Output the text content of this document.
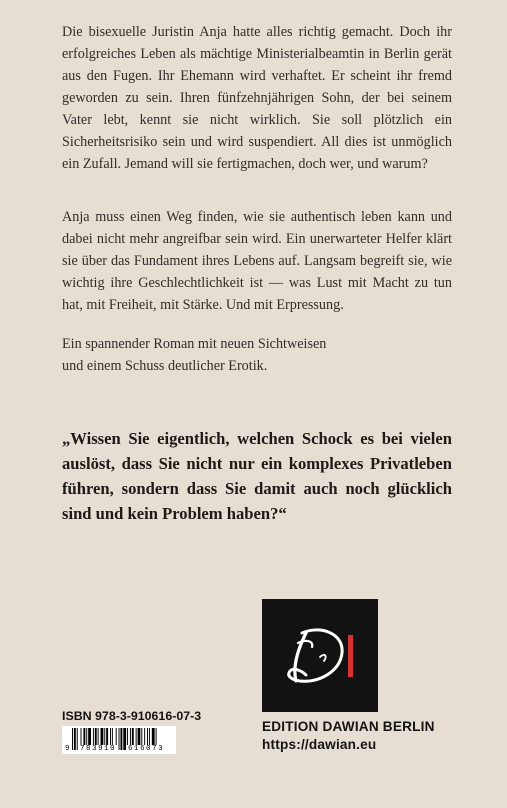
Die bisexuelle Juristin Anja hatte alles richtig gemacht. Doch ihr erfolgreiches Leben als mächtige Ministerialbeamtin in Berlin gerät aus den Fugen. Ihr Ehemann wird verhaftet. Er scheint ihr fremd geworden zu sein. Ihren fünfzehnjährigen Sohn, der bei seinem Vater lebt, kennt sie nicht wirklich. Sie soll plötzlich ein Sicherheitsrisiko sein und wird suspendiert. All dies ist unmöglich ein Zufall. Jemand will sie fertigmachen, doch wer, und warum?

Anja muss einen Weg finden, wie sie authentisch leben kann und dabei nicht mehr angreifbar sein wird. Ein unerwarteter Helfer klärt sie über das Fundament ihres Lebens auf. Langsam begreift sie, wie wichtig ihre Geschlechtlichkeit ist — was Lust mit Macht zu tun hat, mit Freiheit, mit Stärke. Und mit Erpressung.

Ein spannender Roman mit neuen Sichtweisen
und einem Schuss deutlicher Erotik.

„Wissen Sie eigentlich, welchen Schock es bei vielen auslöst, dass Sie nicht nur ein komplexes Privatleben führen, sondern dass Sie damit auch noch glücklich sind und kein Problem haben?“

EDITION DAWIAN BERLIN
https://dawian.eu
ISBN 978-3-910616-07-3
9 783910 616073
